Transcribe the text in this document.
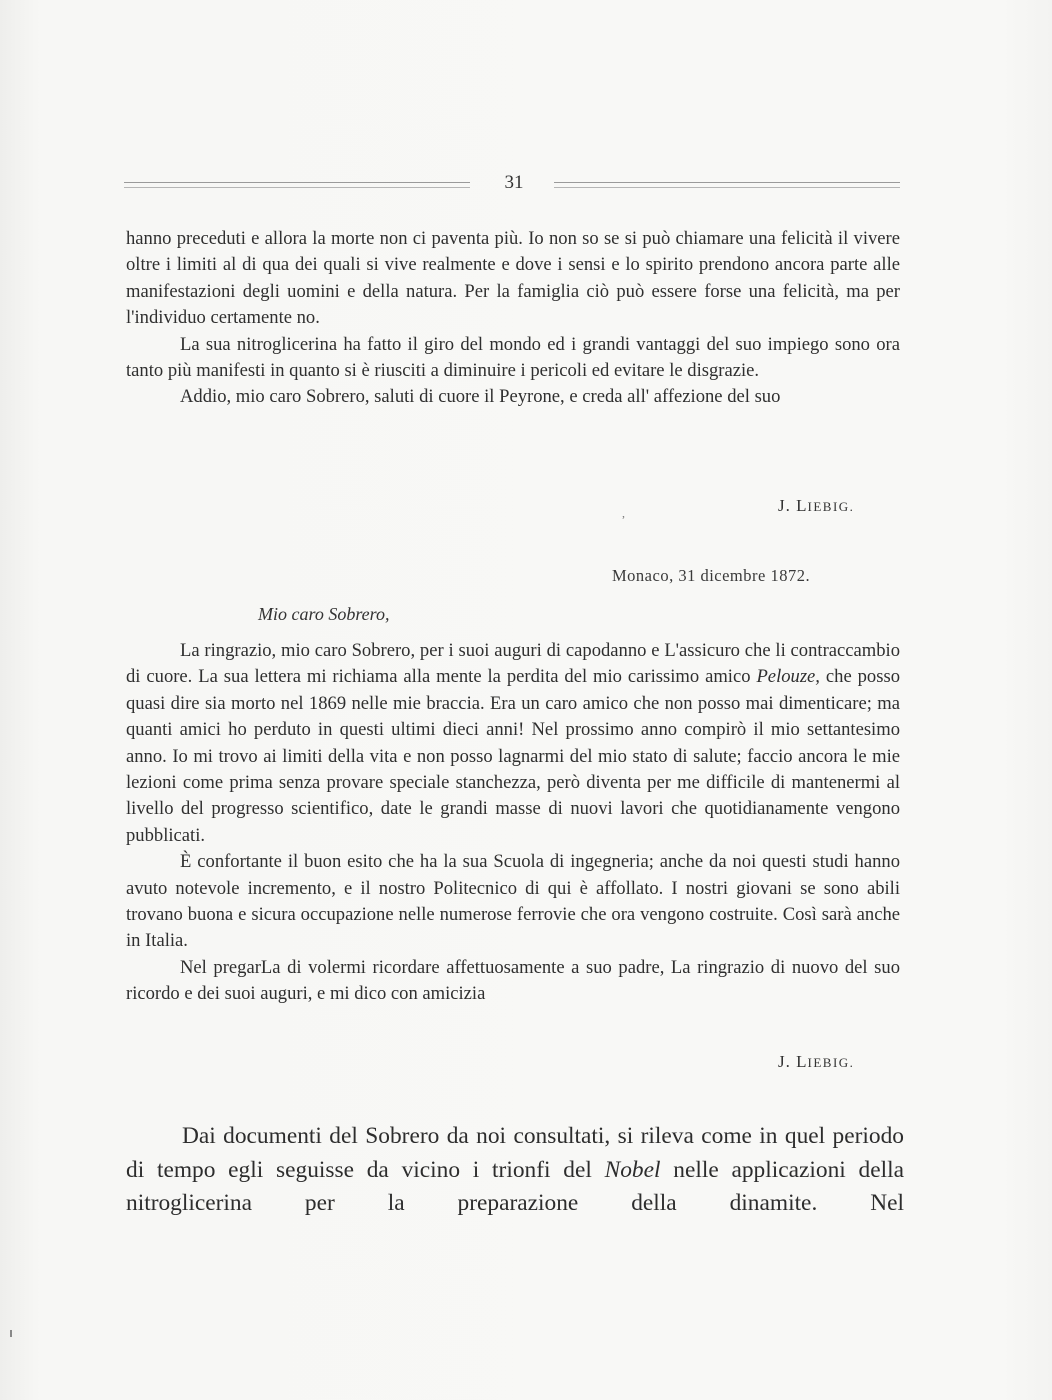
31

hanno preceduti e allora la morte non ci paventa più. Io non so se si può chiamare una felicità il vivere oltre i limiti al di qua dei quali si vive realmente e dove i sensi e lo spirito prendono ancora parte alle manifestazioni degli uomini e della natura. Per la famiglia ciò può essere forse una felicità, ma per l'individuo certamente no.

La sua nitroglicerina ha fatto il giro del mondo ed i grandi vantaggi del suo impiego sono ora tanto più manifesti in quanto si è riusciti a diminuire i pericoli ed evitare le disgrazie.

Addio, mio caro Sobrero, saluti di cuore il Peyrone, e creda all' affezione del suo

,	J. LIEBIG.
Monaco, 31 dicembre 1872.
Mio caro Sobrero,

La ringrazio, mio caro Sobrero, per i suoi auguri di capodanno e L'assicuro che li contraccambio di cuore. La sua lettera mi richiama alla mente la perdita del mio carissimo amico Pelouze, che posso quasi dire sia morto nel 1869 nelle mie braccia. Era un caro amico che non posso mai dimenticare; ma quanti amici ho perduto in questi ultimi dieci anni! Nel prossimo anno compirò il mio settantesimo anno. Io mi trovo ai limiti della vita e non posso lagnarmi del mio stato di salute; faccio ancora le mie lezioni come prima senza provare speciale stanchezza, però diventa per me difficile di mantenermi al livello del progresso scientifico, date le grandi masse di nuovi lavori che quotidianamente vengono pubblicati.

È confortante il buon esito che ha la sua Scuola di ingegneria; anche da noi questi studi hanno avuto notevole incremento, e il nostro Politecnico di qui è affollato. I nostri giovani se sono abili trovano buona e sicura occupazione nelle numerose ferrovie che ora vengono costruite. Così sarà anche in Italia.

Nel pregarLa di volermi ricordare affettuosamente a suo padre, La ringrazio di nuovo del suo ricordo e dei suoi auguri, e mi dico con amicizia

J. LIEBIG.

Dai documenti del Sobrero da noi consultati, si rileva come in quel periodo di tempo egli seguisse da vicino i trionfi del Nobel nelle applicazioni della nitroglicerina per la preparazione della dinamite. Nel
